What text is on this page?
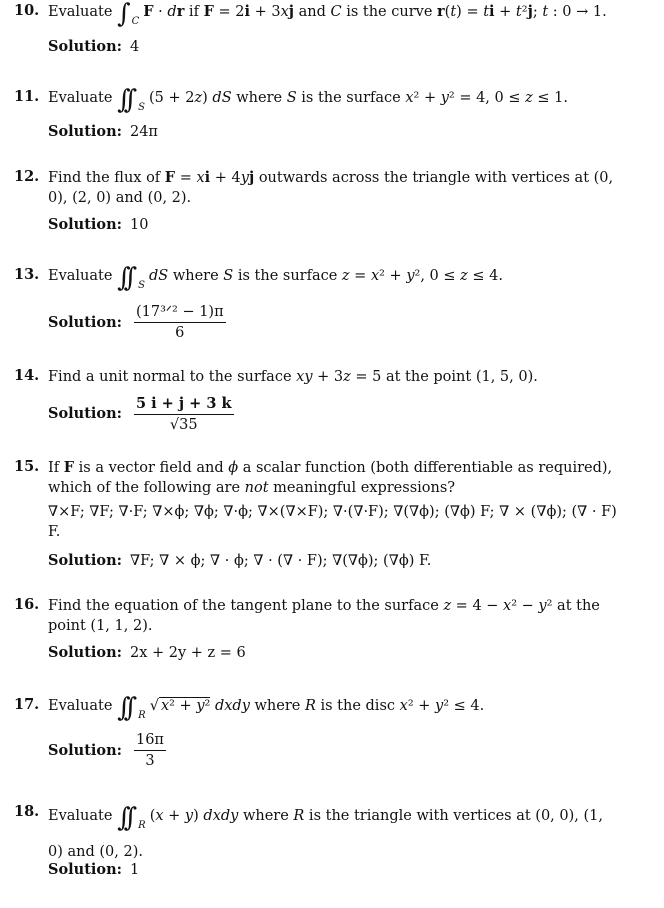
10. Evaluate ∫ $_C$F · dr if F = 2i + 3xj and C is the curve r(t) = ti + t²j; t : 0 → 1.
Solution: 4
11. Evaluate ∫∫ $_S$(5 + 2z) dS where S is the surface x² + y² = 4, 0 ≤ z ≤ 1.
Solution: 24π
12. Find the flux of F = xi + 4yj outwards across the triangle with vertices at (0, 0), (2, 0) and (0, 2).
Solution: 10
13. Evaluate ∫∫ $_S$dS where S is the surface z = x² + y², 0 ≤ z ≤ 4.
Solution: $\frac{\text{(17³ᐟ² − 1)π}}{6}$
14. Find a unit normal to the surface xy + 3z = 5 at the point (1, 5, 0).
Solution: $\frac{5 i + j + 3 k}{√35}$
15. If F is a vector field and ϕ a scalar function (both differentiable as required), which of the following are not meaningful expressions?
∇×F; ∇F; ∇·F; ∇×ϕ; ∇ϕ; ∇·ϕ; ∇×(∇×F); ∇·(∇·F); ∇(∇ϕ); (∇ϕ) F; ∇ × (∇ϕ); (∇ · F) F.
Solution: ∇F; ∇ × ϕ; ∇ · ϕ; ∇ · (∇ · F); ∇(∇ϕ); (∇ϕ) F.
16. Find the equation of the tangent plane to the surface z = 4 − x² − y² at the point (1, 1, 2).
Solution: 2x + 2y + z = 6
17. Evaluate ∫∫ $_R$√ x² + y² dxdy where R is the disc x² + y² ≤ 4.
Solution: $\frac{16\pi}{3}$
18. Evaluate ∫∫ $_R$(x + y) dxdy where R is the triangle with vertices at (0, 0), (1, 0) and (0, 2).
Solution: 1
